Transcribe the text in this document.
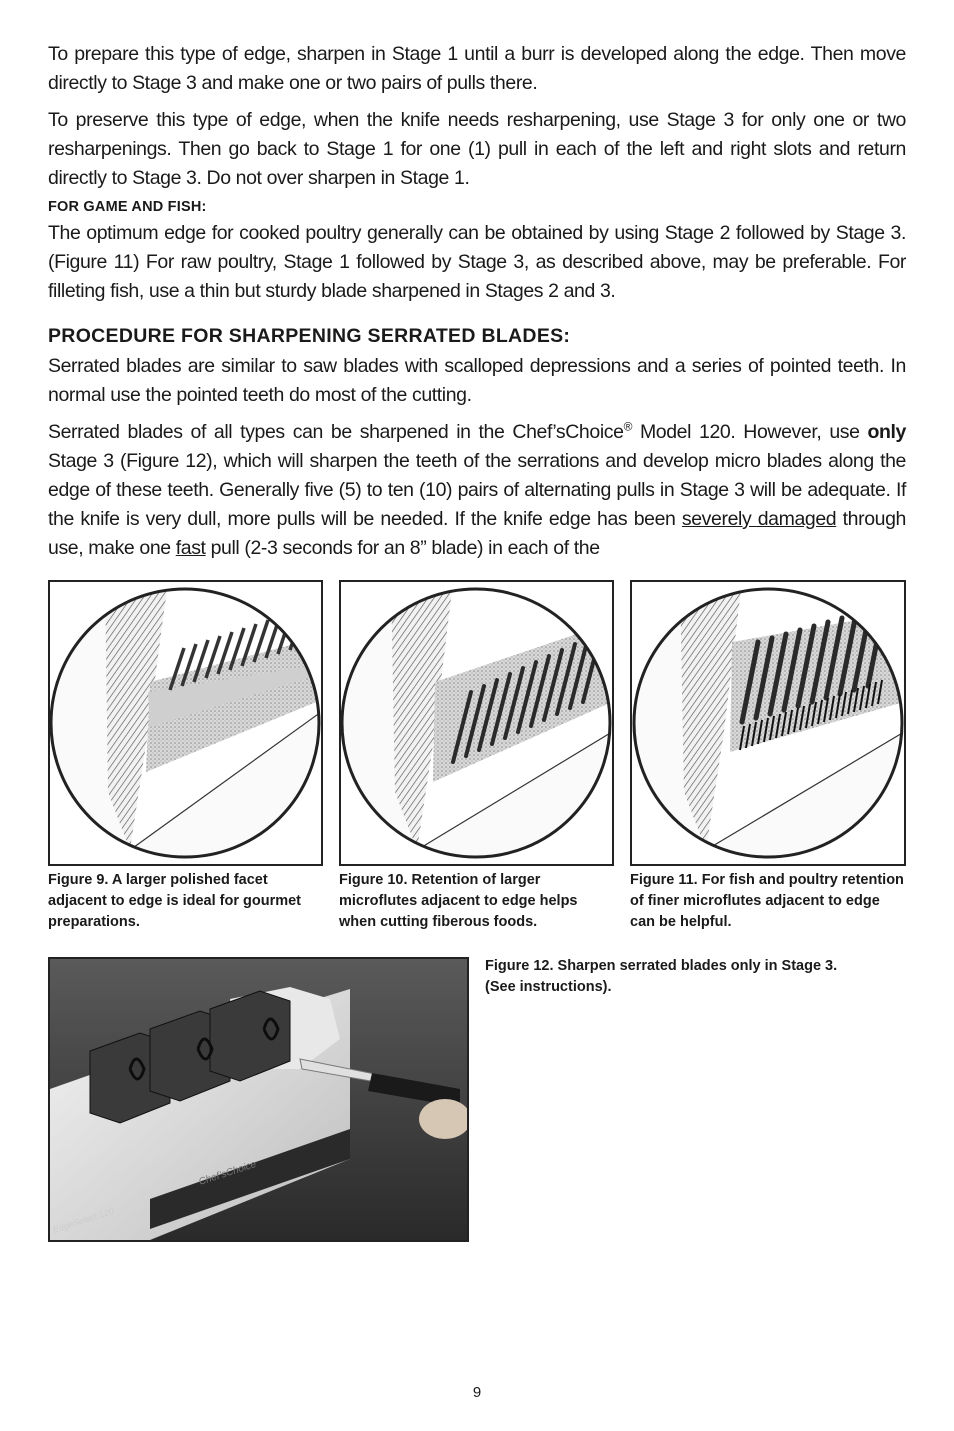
To prepare this type of edge, sharpen in Stage 1 until a burr is developed along the edge. Then move directly to Stage 3 and make one or two pairs of pulls there.

To preserve this type of edge, when the knife needs resharpening, use Stage 3 for only one or two resharpenings. Then go back to Stage 1 for one (1) pull in each of the left and right slots and return directly to Stage 3. Do not over sharpen in Stage 1.

FOR GAME AND FISH:

The optimum edge for cooked poultry generally can be obtained by using Stage 2 followed by Stage 3. (Figure 11) For raw poultry, Stage 1 followed by Stage 3, as described above, may be preferable. For filleting fish, use a thin but sturdy blade sharpened in Stages 2 and 3.

PROCEDURE FOR SHARPENING SERRATED BLADES:

Serrated blades are similar to saw blades with scalloped depressions and a series of pointed teeth. In normal use the pointed teeth do most of the cutting.

Serrated blades of all types can be sharpened in the Chef’sChoice® Model 120. However, use only Stage 3 (Figure 12), which will sharpen the teeth of the serrations and develop micro blades along the edge of these teeth. Generally five (5) to ten (10) pairs of alternating pulls in Stage 3 will be adequate. If the knife is very dull, more pulls will be needed. If the knife edge has been severely damaged through use, make one fast pull (2-3 seconds for an 8” blade) in each of the

Figure 9. A larger polished facet adjacent to edge is ideal for gourmet preparations.
Figure 10. Retention of larger microflutes adjacent to edge helps when cutting fiberous foods.
Figure 11. For fish and poultry retention of finer microflutes adjacent to edge can be helpful.
Chef’sChoice
EdgeSelect 120
Figure 12. Sharpen serrated blades only in Stage 3.
(See instructions).
9
